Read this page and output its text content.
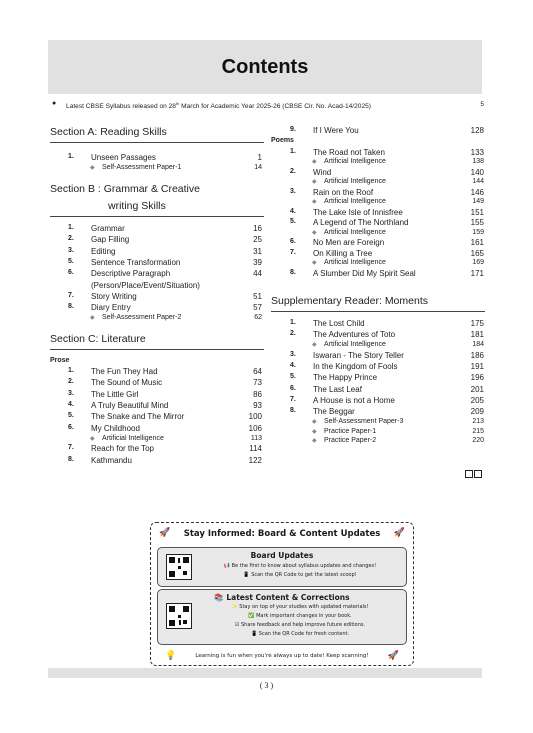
Contents
● Latest CBSE Syllabus released on 28th March for Academic Year 2025-26 (CBSE Cir. No. Acad-14/2025)	5
Section A: Reading Skills
1. Unseen Passages	1
◆ Self-Assessment Paper-1	14
Section B : Grammar & Creative
writing Skills
1. Grammar	16
2. Gap Filling	25
3. Editing	31
5. Sentence Transformation	39
6. Descriptive Paragraph	44
(Person/Place/Event/Situation)
7. Story Writing	51
8. Diary Entry	57
◆ Self-Assessment Paper-2	62
Section C: Literature
Prose
1. The Fun They Had	64
2. The Sound of Music	73
3. The Little Girl	86
4. A Truly Beautiful Mind	93
5. The Snake and The Mirror	100
6. My Childhood	106
◆ Artificial Intelligence	113
7. Reach for the Top	114
8. Kathmandu	122
9. If I Were You	128
Poems
1. The Road not Taken	133
◆ Artificial Intelligence	138
2. Wind	140
◆ Artificial Intelligence	144
3. Rain on the Roof	146
◆ Artificial Intelligence	149
4. The Lake Isle of Innisfree	151
5. A Legend of The Northland	155
◆ Artificial Intelligence	159
6. No Men are Foreign	161
7. On Killing a Tree	165
◆ Artificial Intelligence	169
8. A Slumber Did My Spirit Seal	171
Supplementary Reader: Moments
1. The Lost Child	175
2. The Adventures of Toto	181
◆ Artificial Intelligence	184
3. Iswaran - The Story Teller	186
4. In the Kingdom of Fools	191
5. The Happy Prince	196
6. The Last Leaf	201
7. A House is not a Home	205
8. The Beggar	209
◆ Self-Assessment Paper-3	213
◆ Practice Paper-1	215
◆ Practice Paper-2	220
🚀	Stay Informed: Board & Content Updates	🚀
Board Updates
📢 Be the first to know about syllabus updates and changes!
📱 Scan the QR Code to get the latest scoop!
📚 Latest Content & Corrections
✨ Stay on top of your studies with updated materials!
✅ Mark important changes in your book.
☑ Share feedback and help improve future editions.
📱 Scan the QR Code for fresh content.
💡	Learning is fun when you're always up to date! Keep scanning!	🚀
( 3 )
